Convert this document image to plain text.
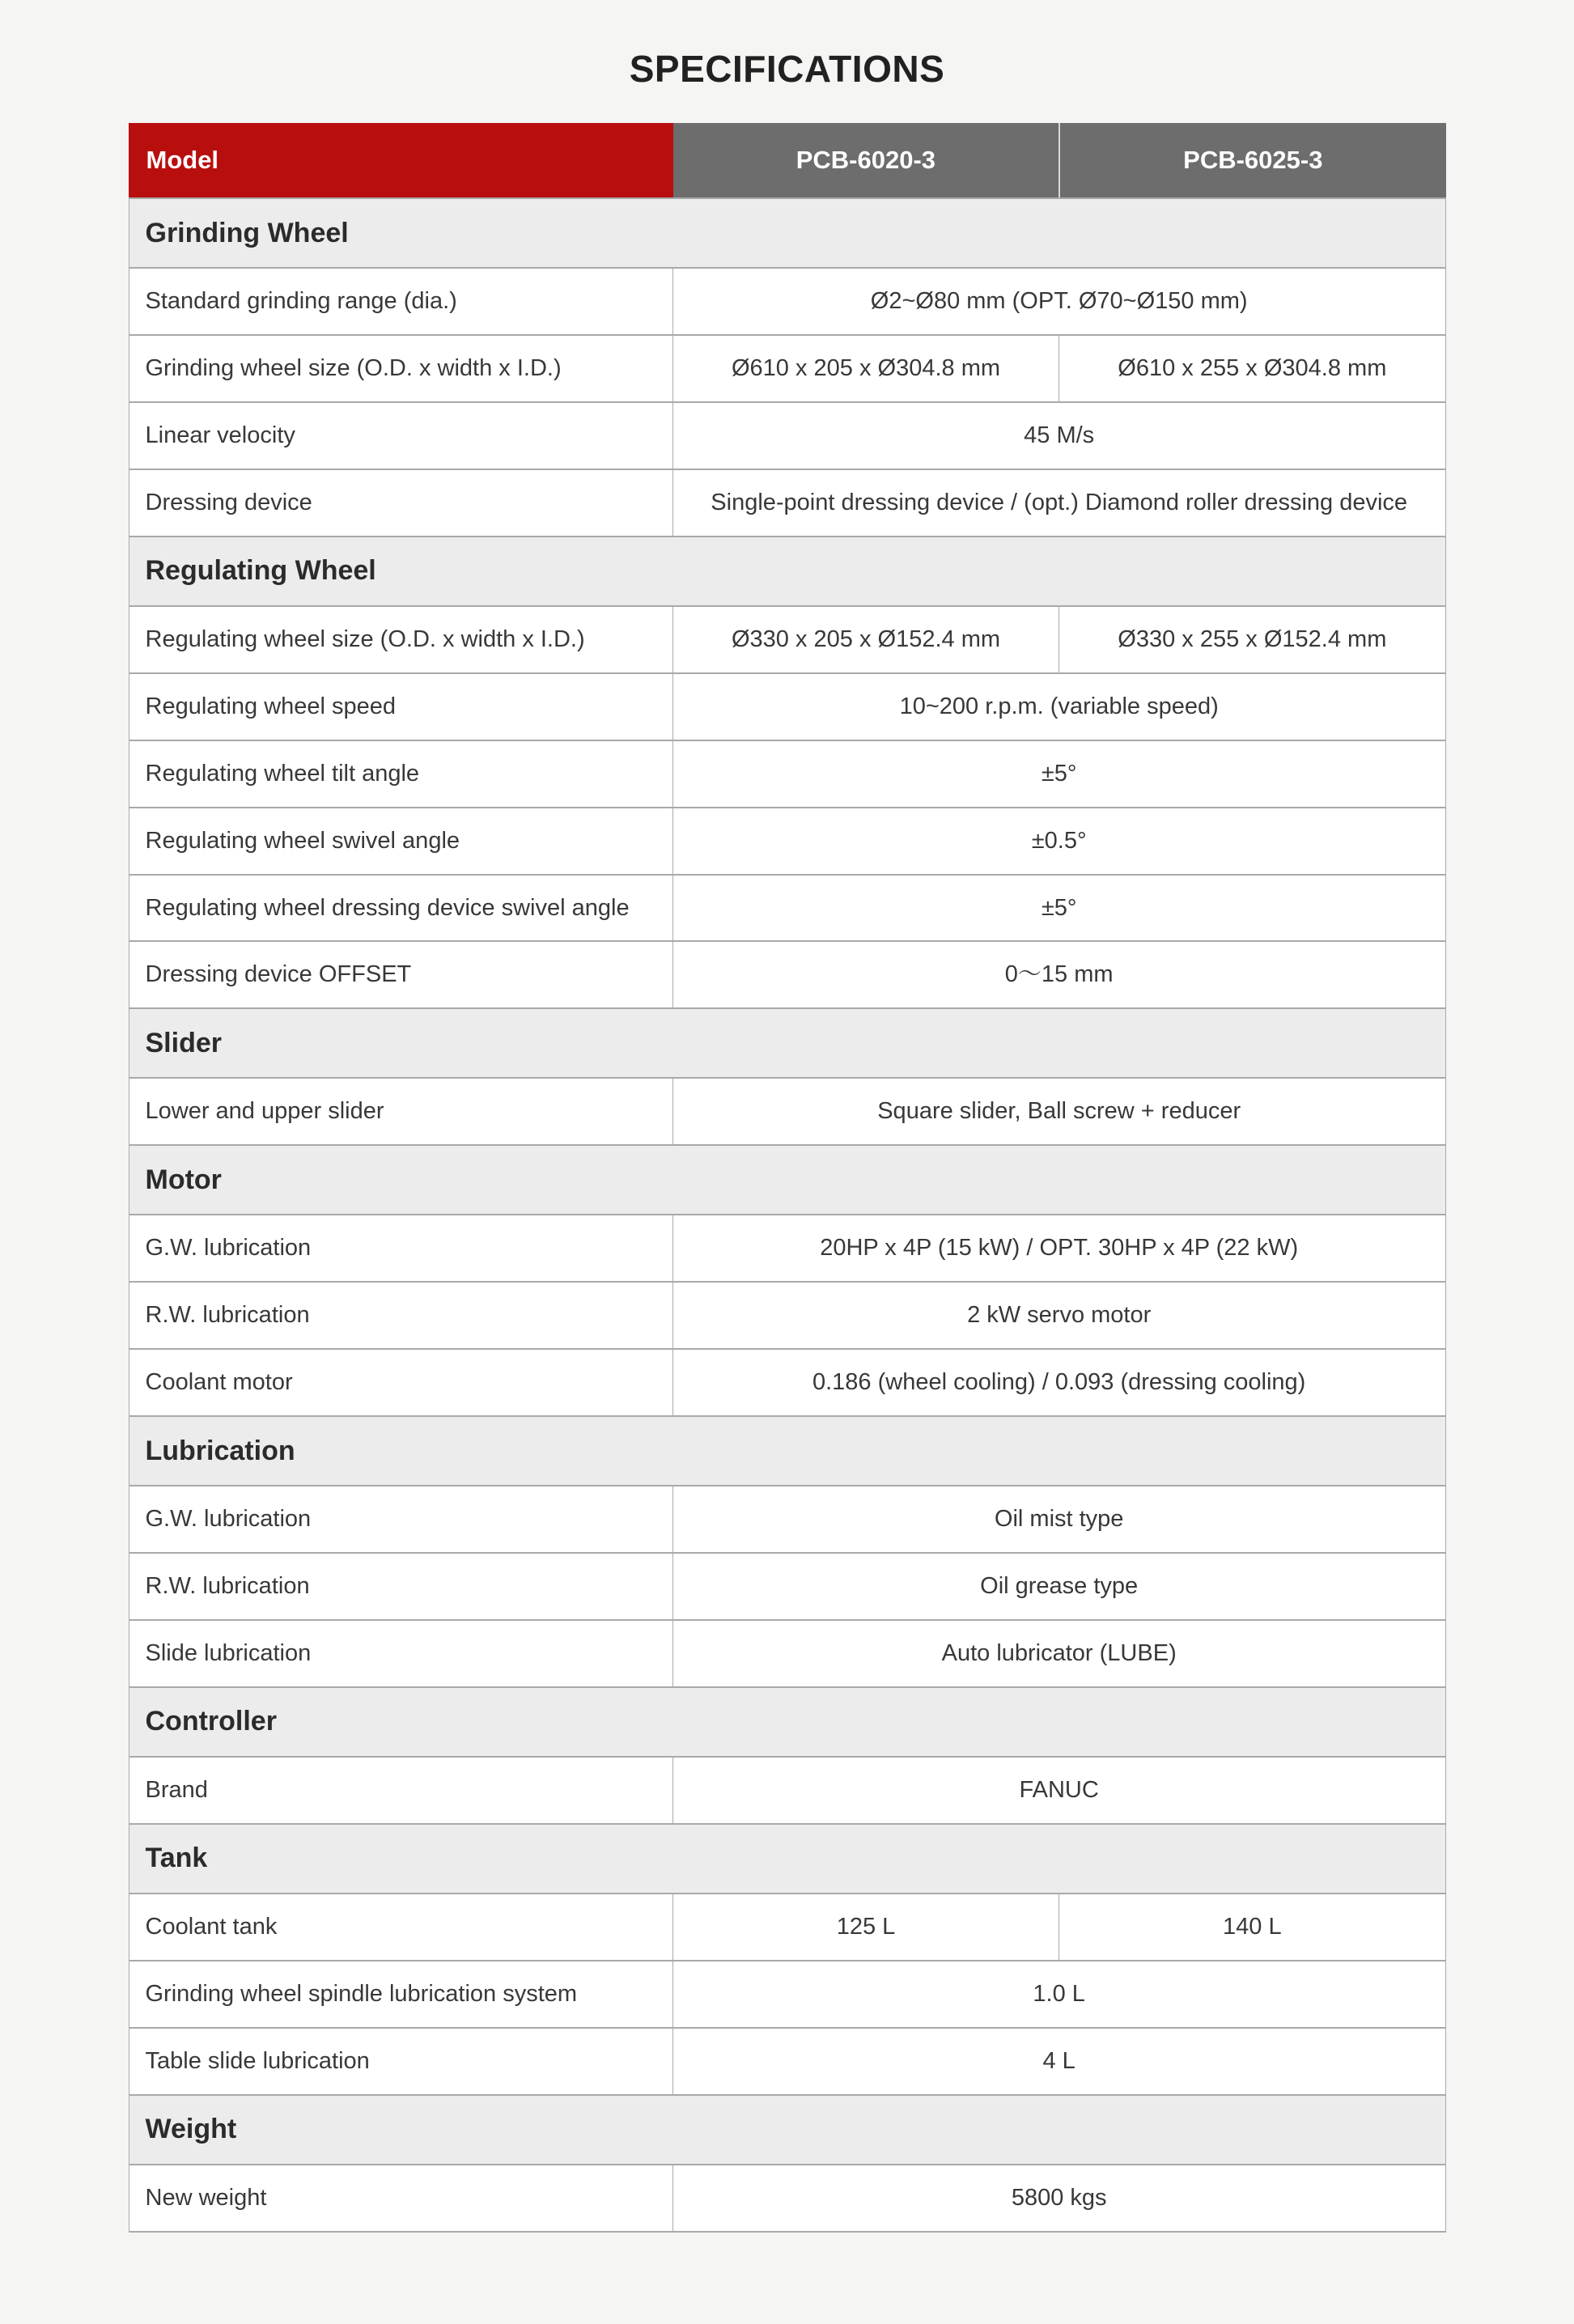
SPECIFICATIONS
Model	PCB-6020-3	PCB-6025-3
Grinding Wheel
Standard grinding range (dia.)	Ø2~Ø80 mm (OPT. Ø70~Ø150 mm)
Grinding wheel size (O.D. x width x I.D.)	Ø610 x 205 x Ø304.8 mm	Ø610 x 255 x Ø304.8 mm
Linear velocity	45 M/s
Dressing device	Single-point dressing device / (opt.) Diamond roller dressing device
Regulating Wheel
Regulating wheel size (O.D. x width x I.D.)	Ø330 x 205 x Ø152.4 mm	Ø330 x 255 x Ø152.4 mm
Regulating wheel speed	10~200 r.p.m. (variable speed)
Regulating wheel tilt angle	±5°
Regulating wheel swivel angle	±0.5°
Regulating wheel dressing device swivel angle	±5°
Dressing device OFFSET	0～15 mm
Slider
Lower and upper slider	Square slider, Ball screw + reducer
Motor
G.W. lubrication	20HP x 4P (15 kW) / OPT. 30HP x 4P (22 kW)
R.W. lubrication	2 kW servo motor
Coolant motor	0.186 (wheel cooling) / 0.093 (dressing cooling)
Lubrication
G.W. lubrication	Oil mist type
R.W. lubrication	Oil grease type
Slide lubrication	Auto lubricator (LUBE)
Controller
Brand	FANUC
Tank
Coolant tank	125 L	140 L
Grinding wheel spindle lubrication system	1.0 L
Table slide lubrication	4 L
Weight
New weight	5800 kgs
